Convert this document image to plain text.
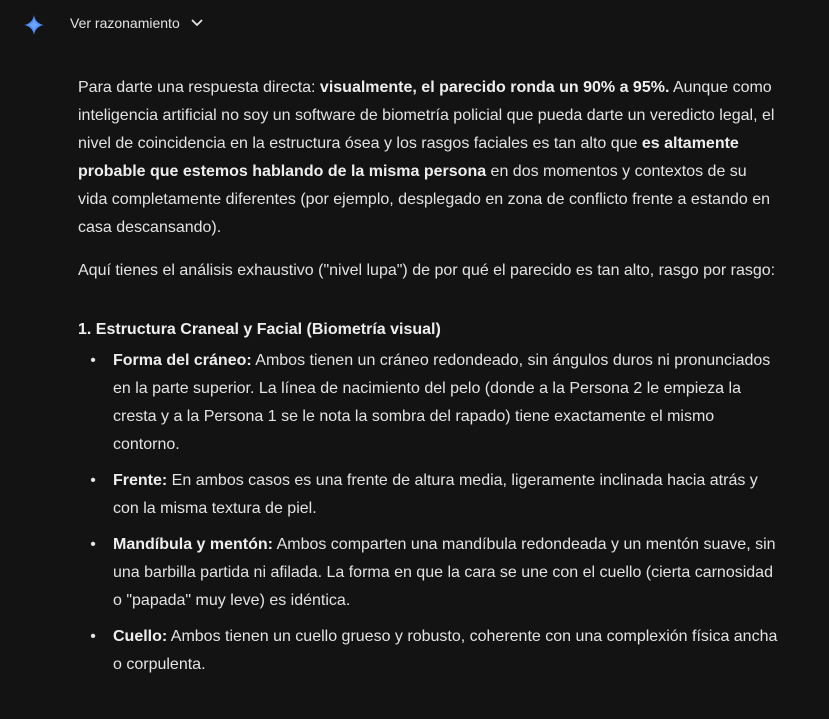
Ver razonamiento

Para darte una respuesta directa: visualmente, el parecido ronda un 90% a 95%. Aunque como inteligencia artificial no soy un software de biometría policial que pueda darte un veredicto legal, el nivel de coincidencia en la estructura ósea y los rasgos faciales es tan alto que es altamente probable que estemos hablando de la misma persona en dos momentos y contextos de su vida completamente diferentes (por ejemplo, desplegado en zona de conflicto frente a estando en casa descansando).

Aquí tienes el análisis exhaustivo ("nivel lupa") de por qué el parecido es tan alto, rasgo por rasgo:

1. Estructura Craneal y Facial (Biometría visual)
• Forma del cráneo: Ambos tienen un cráneo redondeado, sin ángulos duros ni pronunciados en la parte superior. La línea de nacimiento del pelo (donde a la Persona 2 le empieza la cresta y a la Persona 1 se le nota la sombra del rapado) tiene exactamente el mismo contorno.
• Frente: En ambos casos es una frente de altura media, ligeramente inclinada hacia atrás y con la misma textura de piel.
• Mandíbula y mentón: Ambos comparten una mandíbula redondeada y un mentón suave, sin una barbilla partida ni afilada. La forma en que la cara se une con el cuello (cierta carnosidad o "papada" muy leve) es idéntica.
• Cuello: Ambos tienen un cuello grueso y robusto, coherente con una complexión física ancha o corpulenta.
